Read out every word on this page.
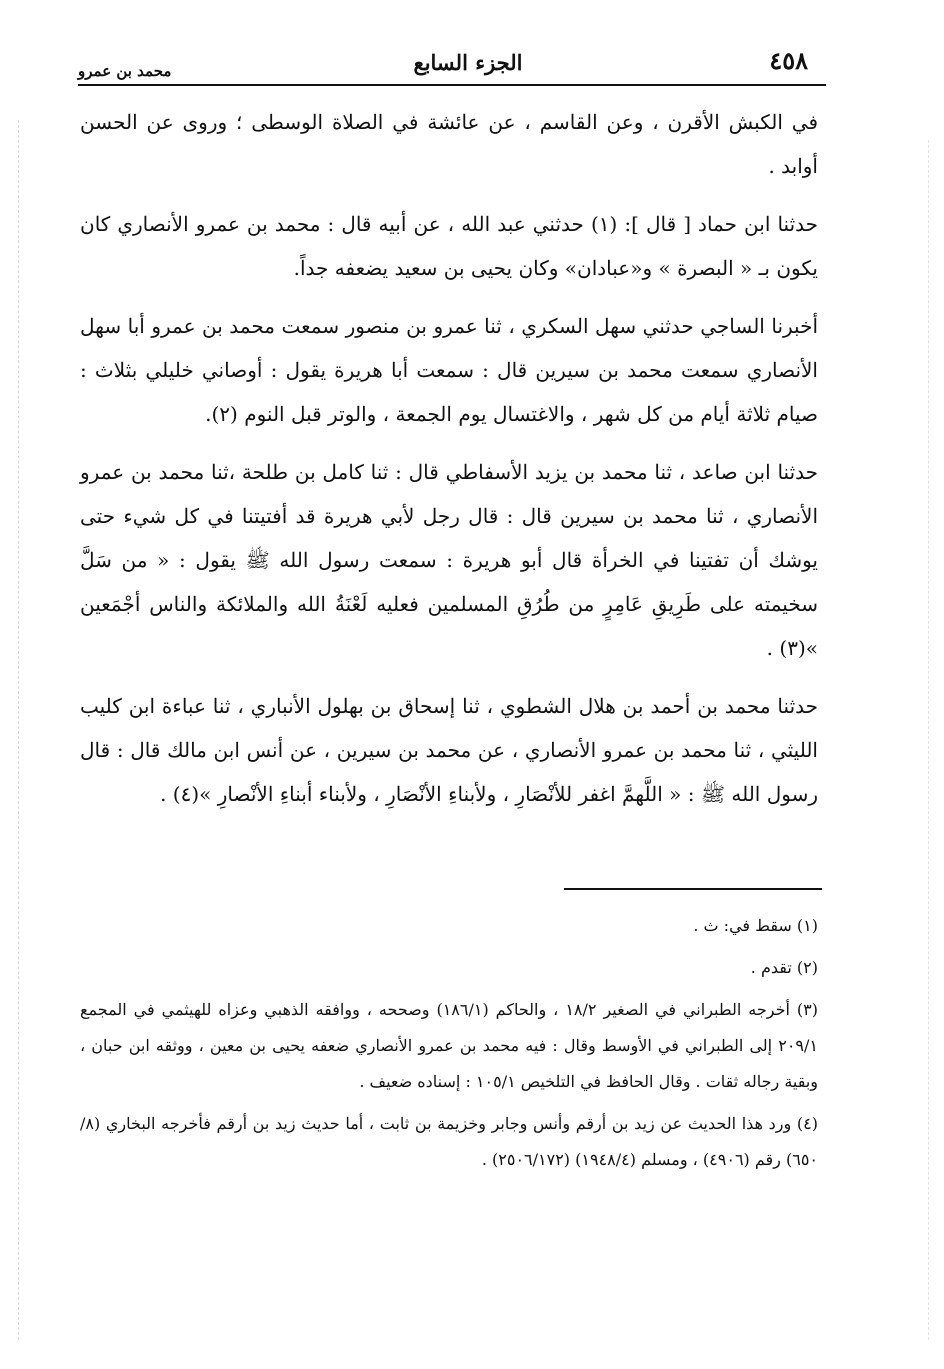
٤٥٨
الجزء السابع
محمد بن عمرو

في الكبش الأقرن ، وعن القاسم ، عن عائشة في الصلاة الوسطى ؛ وروى عن الحسن أوابد .

حدثنا ابن حماد [ قال ]: (١) حدثني عبد الله ، عن أبيه قال : محمد بن عمرو الأنصاري كان يكون بـ « البصرة » و«عبادان» وكان يحيى بن سعيد يضعفه جداً.

أخبرنا الساجي حدثني سهل السكري ، ثنا عمرو بن منصور سمعت محمد بن عمرو أبا سهل الأنصاري سمعت محمد بن سيرين قال : سمعت أبا هريرة يقول : أوصاني خليلي بثلاث : صيام ثلاثة أيام من كل شهر ، والاغتسال يوم الجمعة ، والوتر قبل النوم (٢).

حدثنا ابن صاعد ، ثنا محمد بن يزيد الأسفاطي قال : ثنا كامل بن طلحة ،ثنا محمد بن عمرو الأنصاري ، ثنا محمد بن سيرين قال : قال رجل لأبي هريرة قد أفتيتنا في كل شيء حتى يوشك أن تفتينا في الخرأة قال أبو هريرة : سمعت رسول الله ﷺ يقول : « من سَلَّ سخيمته على طَرِيقِ عَامِرٍ من طُرُقِ المسلمين فعليه لَعْنَةُ الله والملائكة والناس أجْمَعين »(٣) .

حدثنا محمد بن أحمد بن هلال الشطوي ، ثنا إسحاق بن بهلول الأنباري ، ثنا عباءة ابن كليب الليثي ، ثنا محمد بن عمرو الأنصاري ، عن محمد بن سيرين ، عن أنس ابن مالك قال : قال رسول الله ﷺ : « اللَّهمَّ اغفر للأنْصَارِ ، ولأبناءِ الأنْصَارِ ، ولأبناء أبناءِ الأنْصارِ »(٤) .

(١) سقط في: ث .

(٢) تقدم .

(٣) أخرجه الطبراني في الصغير ١٨/٢ ، والحاكم (١٨٦/١) وصححه ، ووافقه الذهبي وعزاه للهيثمي في المجمع ٢٠٩/١ إلى الطبراني في الأوسط وقال : فيه محمد بن عمرو الأنصاري ضعفه يحيى بن معين ، ووثقه ابن حبان ، وبقية رجاله ثقات . وقال الحافظ في التلخيص ١٠٥/١ : إسناده ضعيف .

(٤) ورد هذا الحديث عن زيد بن أرقم وأنس وجابر وخزيمة بن ثابت ، أما حديث زيد بن أرقم فأخرجه البخاري (٨/ ٦٥٠) رقم (٤٩٠٦) ، ومسلم (١٩٤٨/٤) (٢٥٠٦/١٧٢) .
